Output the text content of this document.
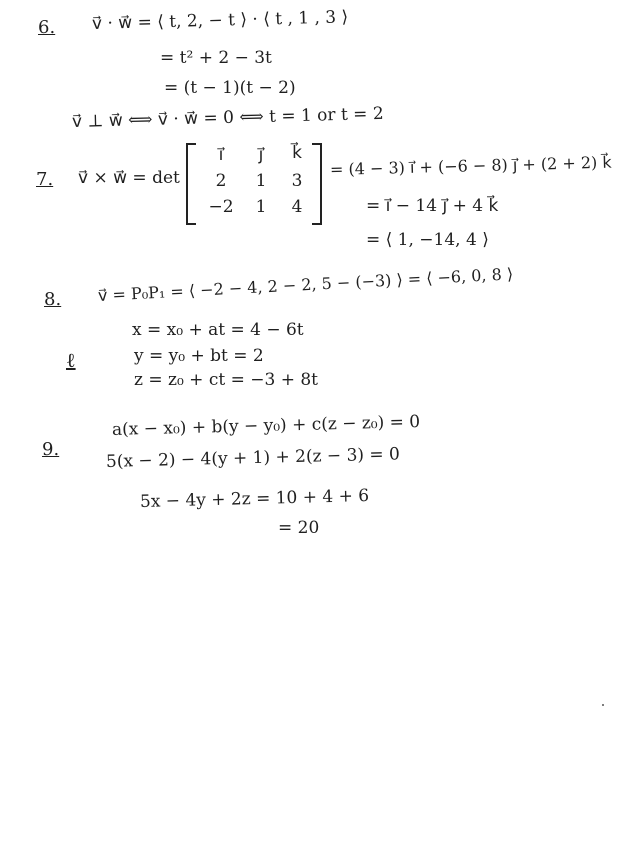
6. v⃗ · w⃗ = ⟨ t, 2, − t ⟩ · ⟨ t , 1 , 3 ⟩
= t² + 2 − 3t
= (t − 1)(t − 2)
v⃗ ⊥ w⃗ ⟺ v⃗ · w⃗ = 0 ⟺ t = 1 or t = 2
7. v⃗ × w⃗ = det
i⃗	j⃗	k⃗
2	1	3
−2	1	4
= (4 − 3) i⃗ + (−6 − 8) j⃗ + (2 + 2) k⃗
= i⃗ − 14 j⃗ + 4 k⃗
= ⟨ 1, −14, 4 ⟩
8. v⃗ = P₀P₁ = ⟨ −2 − 4, 2 − 2, 5 − (−3) ⟩ = ⟨ −6, 0, 8 ⟩
ℓ
x = x₀ + at = 4 − 6t
y = y₀ + bt = 2
z = z₀ + ct = −3 + 8t
9.
a(x − x₀) + b(y − y₀) + c(z − z₀) = 0
5(x − 2) − 4(y + 1) + 2(z − 3) = 0
5x − 4y + 2z = 10 + 4 + 6
= 20
